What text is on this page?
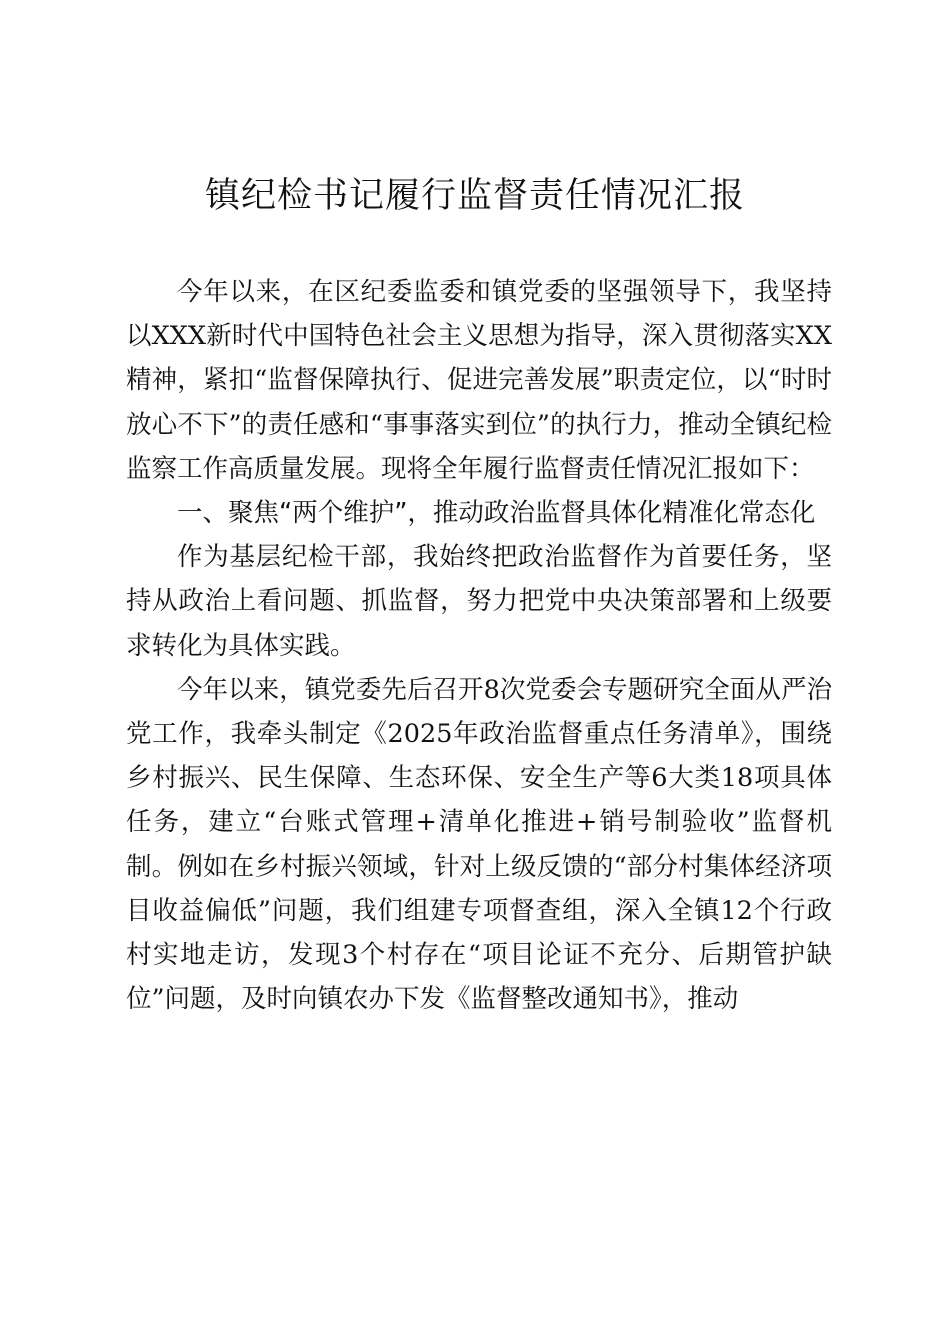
镇纪检书记履行监督责任情况汇报

今年以来，在区纪委监委和镇党委的坚强领导下，我坚持以XXX新时代中国特色社会主义思想为指导，深入贯彻落实XX精神，紧扣“监督保障执行、促进完善发展”职责定位，以“时时放心不下”的责任感和“事事落实到位”的执行力，推动全镇纪检监察工作高质量发展。现将全年履行监督责任情况汇报如下：

一、聚焦“两个维护”，推动政治监督具体化精准化常态化

作为基层纪检干部，我始终把政治监督作为首要任务，坚持从政治上看问题、抓监督，努力把党中央决策部署和上级要求转化为具体实践。

今年以来，镇党委先后召开8次党委会专题研究全面从严治党工作，我牵头制定《2025年政治监督重点任务清单》，围绕乡村振兴、民生保障、生态环保、安全生产等6大类18项具体任务，建立“台账式管理+清单化推进+销号制验收”监督机制。例如在乡村振兴领域，针对上级反馈的“部分村集体经济项目收益偏低”问题，我们组建专项督查组，深入全镇12个行政村实地走访，发现3个村存在“项目论证不充分、后期管护缺位”问题，及时向镇农办下发《监督整改通知书》，推动
